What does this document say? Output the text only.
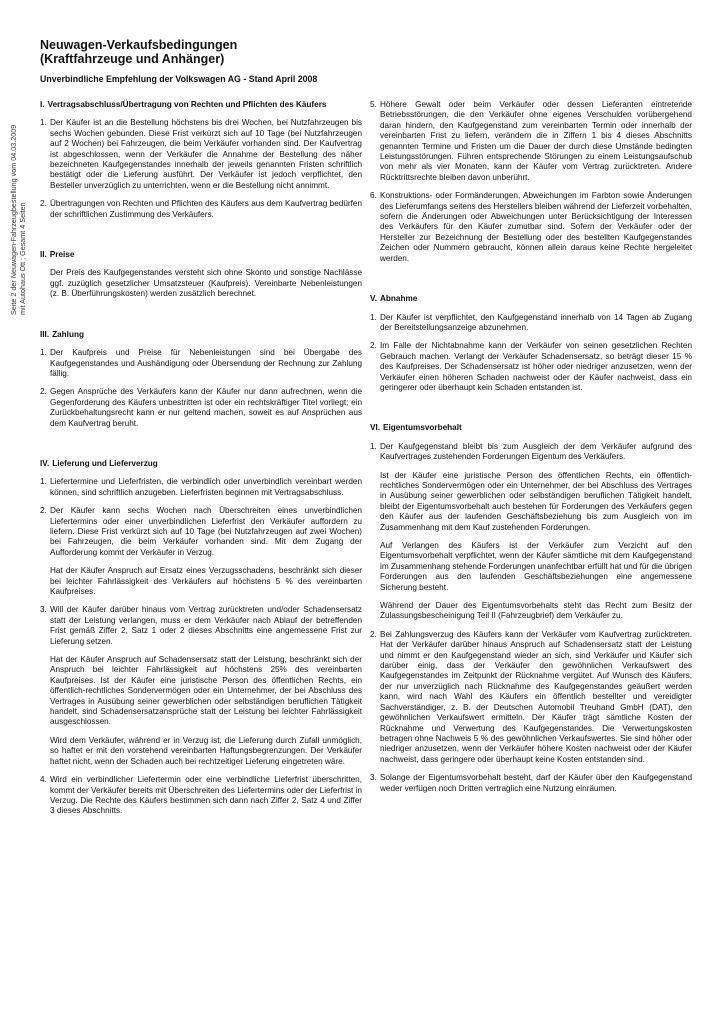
Seite 2 der Neuwagen-Fahrzeugbestellung vom 04.03.2009 mit Autohaus Ott ; Gesamt 4 Seiten
Neuwagen-Verkaufsbedingungen
(Kraftfahrzeuge und Anhänger)
Unverbindliche Empfehlung der Volkswagen AG - Stand April 2008
I. Vertragsabschluss/Übertragung von Rechten und Pflichten des Käufers
1. Der Käufer ist an die Bestellung höchstens bis drei Wochen, bei Nutzfahrzeugen bis sechs Wochen gebunden. Diese Frist verkürzt sich auf 10 Tage (bei Nutzfahrzeugen auf 2 Wochen) bei Fahrzeugen, die beim Verkäufer vorhanden sind. Der Kaufvertrag ist abgeschlossen, wenn der Verkäufer die Annahme der Bestellung des näher bezeichneten Kaufgegenstandes innerhalb der jeweils genannten Fristen schriftlich bestätigt oder die Lieferung ausführt. Der Verkäufer ist jedoch verpflichtet, den Besteller unverzüglich zu unterrichten, wenn er die Bestellung nicht annimmt.
2. Übertragungen von Rechten und Pflichten des Käufers aus dem Kaufvertrag bedürfen der schriftlichen Zustimmung des Verkäufers.
II. Preise

Der Preis des Kaufgegenstandes versteht sich ohne Skonto und sonstige Nachlässe ggf. zuzüglich gesetzlicher Umsatzsteuer (Kaufpreis). Vereinbarte Nebenleistungen (z. B. Überführungskosten) werden zusätzlich berechnet.

III. Zahlung
1. Der Kaufpreis und Preise für Nebenleistungen sind bei Übergabe des Kaufgegenstandes und Aushändigung oder Übersendung der Rechnung zur Zahlung fällig.
2. Gegen Ansprüche des Verkäufers kann der Käufer nur dann aufrechnen, wenn die Gegenforderung des Käufers unbestritten ist oder ein rechtskräftiger Titel vorliegt; ein Zurückbehaltungsrecht kann er nur geltend machen, soweit es auf Ansprüchen aus dem Kaufvertrag beruht.
IV. Lieferung und Lieferverzug
1. Liefertermine und Lieferfristen, die verbindlich oder unverbindlich vereinbart werden können, sind schriftlich anzugeben. Lieferfristen beginnen mit Vertragsabschluss.

2. Der Käufer kann sechs Wochen nach Überschreiten eines unverbindlichen Liefertermins oder einer unverbindlichen Lieferfrist den Verkäufer auffordern zu liefern. Diese Frist verkürzt sich auf 10 Tage (bei Nutzfahrzeugen auf zwei Wochen) bei Fahrzeugen, die beim Verkäufer vorhanden sind. Mit dem Zugang der Aufforderung kommt der Verkäufer in Verzug.

Hat der Käufer Anspruch auf Ersatz eines Verzugsschadens, beschränkt sich dieser bei leichter Fahrlässigkeit des Verkäufers auf höchstens 5 % des vereinbarten Kaufpreises.

3. Will der Käufer darüber hinaus vom Vertrag zurücktreten und/oder Schadensersatz statt der Leistung verlangen, muss er dem Verkäufer nach Ablauf der betreffenden Frist gemäß Ziffer 2, Satz 1 oder 2 dieses Abschnitts eine angemessene Frist zur Lieferung setzen.

Hat der Käufer Anspruch auf Schadensersatz statt der Leistung, beschränkt sich der Anspruch bei leichter Fahrlässigkeit auf höchstens 25% des vereinbarten Kaufpreises. Ist der Käufer eine juristische Person des öffentlichen Rechts, ein öffentlich-rechtliches Sondervermögen oder ein Unternehmer, der bei Abschluss des Vertrages in Ausübung seiner gewerblichen oder selbständigen beruflichen Tätigkeit handelt, sind Schadensersatzansprüche statt der Leistung bei leichter Fahrlässigkeit ausgeschlossen.

Wird dem Verkäufer, während er in Verzug ist, die Lieferung durch Zufall unmöglich, so haftet er mit den vorstehend vereinbarten Haftungsbegrenzungen. Der Verkäufer haftet nicht, wenn der Schaden auch bei rechtzeitiger Lieferung eingetreten wäre.

4. Wird ein verbindlicher Liefertermin oder eine verbindliche Lieferfrist überschritten, kommt der Verkäufer bereits mit Überschreiten des Liefertermins oder der Lieferfrist in Verzug. Die Rechte des Käufers bestimmen sich dann nach Ziffer 2, Satz 4 und Ziffer 3 dieses Abschnitts.

5. Höhere Gewalt oder beim Verkäufer oder dessen Lieferanten eintretende Betriebsstörungen, die den Verkäufer ohne eigenes Verschulden vorübergehend daran hindern, den Kaufgegenstand zum vereinbarten Termin oder innerhalb der vereinbarten Frist zu liefern, verändern die in Ziffern 1 bis 4 dieses Abschnitts genannten Termine und Fristen um die Dauer der durch diese Umstände bedingten Leistungsstörungen. Führen entsprechende Störungen zu einem Leistungsaufschub von mehr als vier Monaten, kann der Käufer vom Vertrag zurücktreten. Andere Rücktrittsrechte bleiben davon unberührt.
6. Konstruktions- oder Formänderungen, Abweichungen im Farbton sowie Änderungen des Lieferumfangs seitens des Herstellers bleiben während der Lieferzeit vorbehalten, sofern die Änderungen oder Abweichungen unter Berücksichtigung der Interessen des Verkäufers für den Käufer zumutbar sind. Sofern der Verkäufer oder der Hersteller zur Bezeichnung der Bestellung oder des bestellten Kaufgegenstandes Zeichen oder Nummern gebraucht, können allein daraus keine Rechte hergeleitet werden.
V. Abnahme
1. Der Käufer ist verpflichtet, den Kaufgegenstand innerhalb von 14 Tagen ab Zugang der Bereitstellungsanzeige abzunehmen.
2. Im Falle der Nichtabnahme kann der Verkäufer von seinen gesetzlichen Rechten Gebrauch machen. Verlangt der Verkäufer Schadensersatz, so beträgt dieser 15 % des Kaufpreises. Der Schadensersatz ist höher oder niedriger anzusetzen, wenn der Verkäufer einen höheren Schaden nachweist oder der Käufer nachweist, dass ein geringerer oder überhaupt kein Schaden entstanden ist.
VI. Eigentumsvorbehalt
1. Der Kaufgegenstand bleibt bis zum Ausgleich der dem Verkäufer aufgrund des Kaufvertrages zustehenden Forderungen Eigentum des Verkäufers.

Ist der Käufer eine juristische Person des öffentlichen Rechts, ein öffentlich-rechtliches Sondervermögen oder ein Unternehmer, der bei Abschluss des Vertrages in Ausübung seiner gewerblichen oder selbständigen beruflichen Tätigkeit handelt, bleibt der Eigentumsvorbehalt auch bestehen für Forderungen des Verkäufers gegen den Käufer aus der laufenden Geschäftsbeziehung bis zum Ausgleich von im Zusammenhang mit dem Kauf zustehenden Forderungen.

Auf Verlangen des Käufers ist der Verkäufer zum Verzicht auf den Eigentumsvorbehalt verpflichtet, wenn der Käufer sämtliche mit dem Kaufgegenstand im Zusammenhang stehende Forderungen unanfechtbar erfüllt hat und für die übrigen Forderungen aus den laufenden Geschäftsbeziehungen eine angemessene Sicherung besteht.

Während der Dauer des Eigentumsvorbehalts steht das Recht zum Besitz der Zulassungsbescheinigung Teil II (Fahrzeugbrief) dem Verkäufer zu.

2. Bei Zahlungsverzug des Käufers kann der Verkäufer vom Kaufvertrag zurücktreten. Hat der Verkäufer darüber hinaus Anspruch auf Schadensersatz statt der Leistung und nimmt er den Kaufgegenstand wieder an sich, sind Verkäufer und Käufer sich darüber einig, dass der Verkäufer den gewöhnlichen Verkaufswert des Kaufgegenstandes im Zeitpunkt der Rücknahme vergütet. Auf Wunsch des Käufers, der nur unverzüglich nach Rücknahme des Kaufgegenstandes geäußert werden kann, wird nach Wahl des Käufers ein öffentlich bestellter und vereidigter Sachverständiger, z. B. der Deutschen Automobil Treuhand GmbH (DAT), den gewöhnlichen Verkaufswert ermitteln. Der Käufer trägt sämtliche Kosten der Rücknahme und Verwertung des Kaufgegenstandes. Die Verwertungskosten betragen ohne Nachweis 5 % des gewöhnlichen Verkaufswertes. Sie sind höher oder niedriger anzusetzen, wenn der Verkäufer höhere Kosten nachweist oder der Käufer nachweist, dass geringere oder überhaupt keine Kosten entstanden sind.

3. Solange der Eigentumsvorbehalt besteht, darf der Käufer über den Kaufgegenstand weder verfügen noch Dritten vertraglich eine Nutzung einräumen.
